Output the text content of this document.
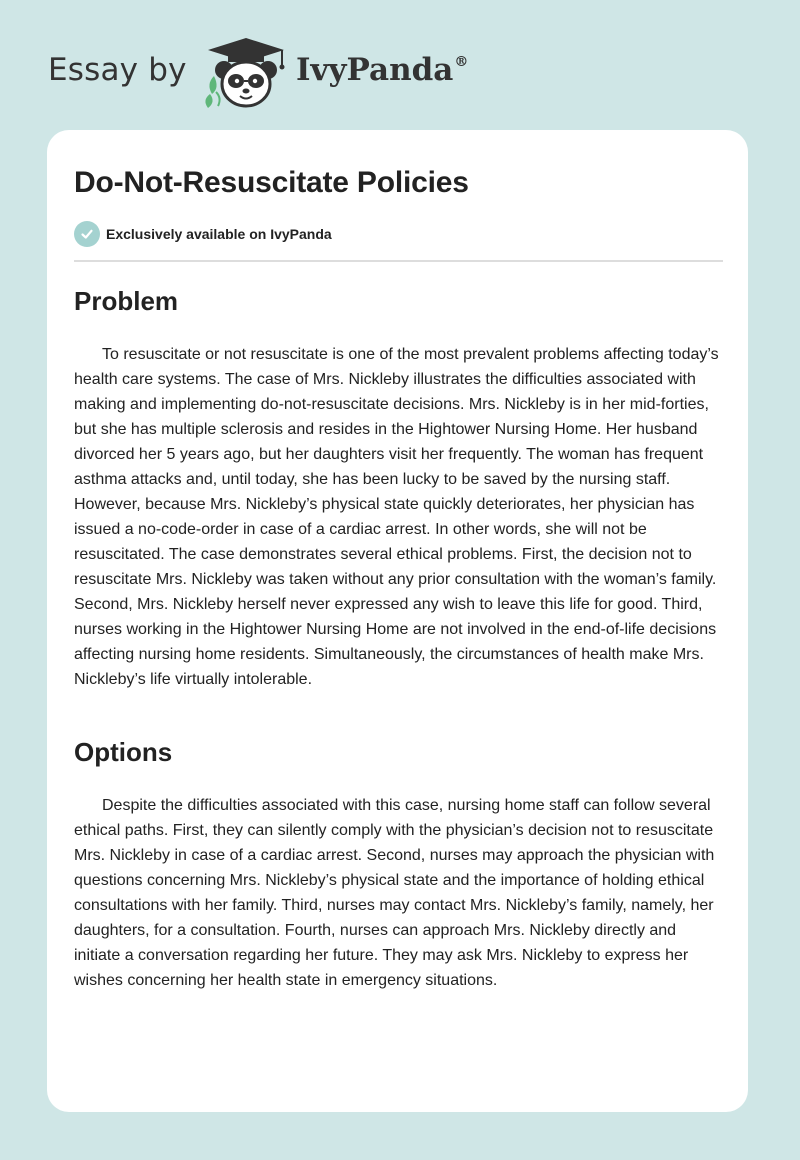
Essay by	IvyPanda®
Do-Not-Resuscitate Policies
Exclusively available on IvyPanda
Problem

To resuscitate or not resuscitate is one of the most prevalent problems affecting today’s health care systems. The case of Mrs. Nickleby illustrates the difficulties associated with making and implementing do-not-resuscitate decisions. Mrs. Nickleby is in her mid-forties, but she has multiple sclerosis and resides in the Hightower Nursing Home. Her husband divorced her 5 years ago, but her daughters visit her frequently. The woman has frequent asthma attacks and, until today, she has been lucky to be saved by the nursing staff. However, because Mrs. Nickleby’s physical state quickly deteriorates, her physician has issued a no-code-order in case of a cardiac arrest. In other words, she will not be resuscitated. The case demonstrates several ethical problems. First, the decision not to resuscitate Mrs. Nickleby was taken without any prior consultation with the woman’s family. Second, Mrs. Nickleby herself never expressed any wish to leave this life for good. Third, nurses working in the Hightower Nursing Home are not involved in the end-of-life decisions affecting nursing home residents. Simultaneously, the circumstances of health make Mrs. Nickleby’s life virtually intolerable.

Options

Despite the difficulties associated with this case, nursing home staff can follow several ethical paths. First, they can silently comply with the physician’s decision not to resuscitate Mrs. Nickleby in case of a cardiac arrest. Second, nurses may approach the physician with questions concerning Mrs. Nickleby’s physical state and the importance of holding ethical consultations with her family. Third, nurses may contact Mrs. Nickleby’s family, namely, her daughters, for a consultation. Fourth, nurses can approach Mrs. Nickleby directly and initiate a conversation regarding her future. They may ask Mrs. Nickleby to express her wishes concerning her health state in emergency situations.
